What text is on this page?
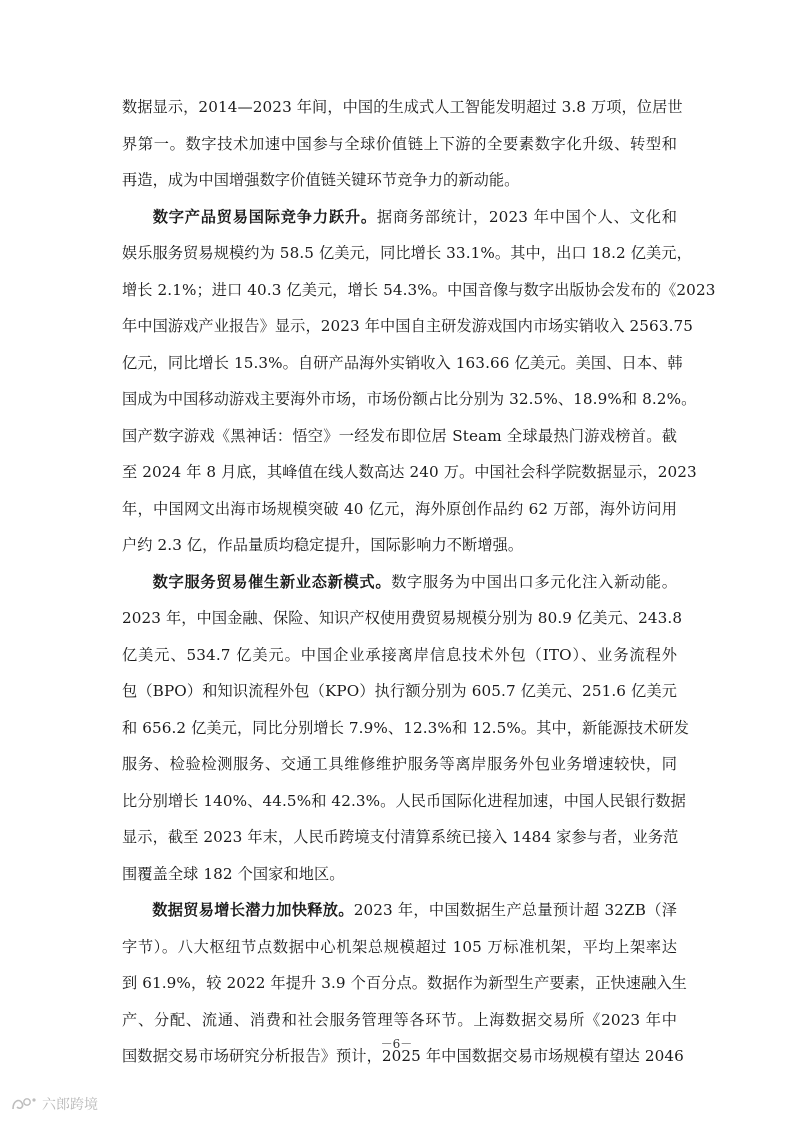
数据显示，2014—2023 年间，中国的生成式人工智能发明超过 3.8 万项，位居世
界第一。数字技术加速中国参与全球价值链上下游的全要素数字化升级、转型和
再造，成为中国增强数字价值链关键环节竞争力的新动能。
数字产品贸易国际竞争力跃升。据商务部统计，2023 年中国个人、文化和
娱乐服务贸易规模约为 58.5 亿美元，同比增长 33.1%。其中，出口 18.2 亿美元，
增长 2.1%；进口 40.3 亿美元，增长 54.3%。中国音像与数字出版协会发布的《2023
年中国游戏产业报告》显示，2023 年中国自主研发游戏国内市场实销收入 2563.75
亿元，同比增长 15.3%。自研产品海外实销收入 163.66 亿美元。美国、日本、韩
国成为中国移动游戏主要海外市场，市场份额占比分别为 32.5%、18.9%和 8.2%。
国产数字游戏《黑神话：悟空》一经发布即位居 Steam 全球最热门游戏榜首。截
至 2024 年 8 月底，其峰值在线人数高达 240 万。中国社会科学院数据显示，2023
年，中国网文出海市场规模突破 40 亿元，海外原创作品约 62 万部，海外访问用
户约 2.3 亿，作品量质均稳定提升，国际影响力不断增强。
数字服务贸易催生新业态新模式。数字服务为中国出口多元化注入新动能。
2023 年，中国金融、保险、知识产权使用费贸易规模分别为 80.9 亿美元、243.8
亿美元、534.7 亿美元。中国企业承接离岸信息技术外包（ITO）、业务流程外
包（BPO）和知识流程外包（KPO）执行额分别为 605.7 亿美元、251.6 亿美元
和 656.2 亿美元，同比分别增长 7.9%、12.3%和 12.5%。其中，新能源技术研发
服务、检验检测服务、交通工具维修维护服务等离岸服务外包业务增速较快，同
比分别增长 140%、44.5%和 42.3%。人民币国际化进程加速，中国人民银行数据
显示，截至 2023 年末，人民币跨境支付清算系统已接入 1484 家参与者，业务范
围覆盖全球 182 个国家和地区。
数据贸易增长潜力加快释放。2023 年，中国数据生产总量预计超 32ZB（泽
字节）。八大枢纽节点数据中心机架总规模超过 105 万标准机架，平均上架率达
到 61.9%，较 2022 年提升 3.9 个百分点。数据作为新型生产要素，正快速融入生
产、分配、流通、消费和社会服务管理等各环节。上海数据交易所《2023 年中
国数据交易市场研究分析报告》预计，2025 年中国数据交易市场规模有望达 2046
－6－
六郎跨境
